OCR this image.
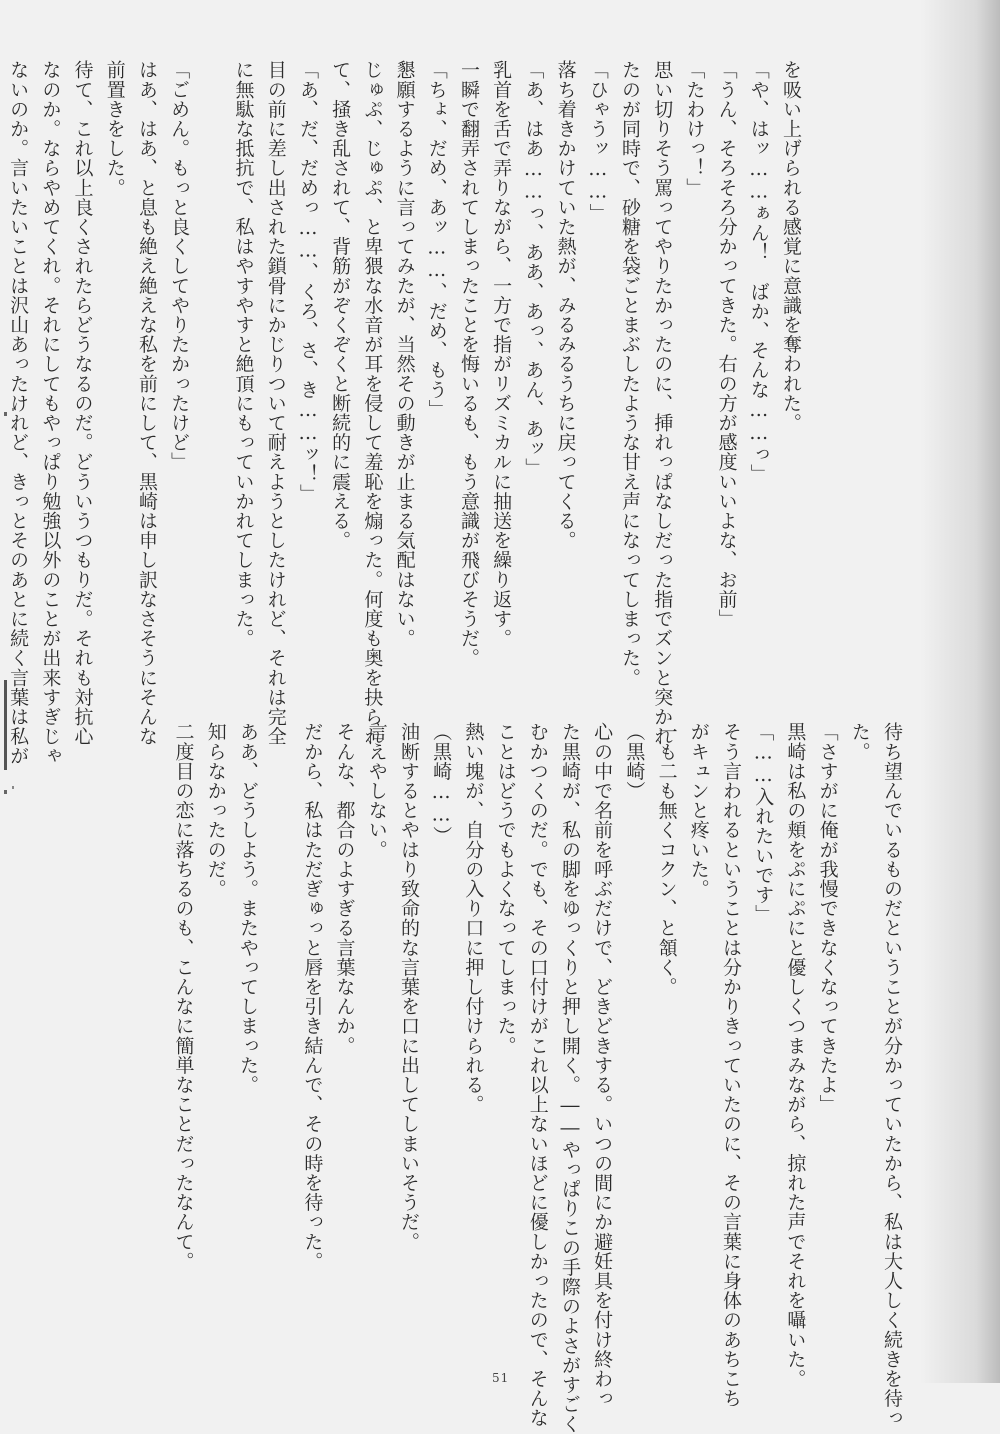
を吸い上げられる感覚に意識を奪われた。
「や、はッ……ぁん！　ばか、そんな……っ」
「うん、そろそろ分かってきた。右の方が感度いいよな、お前」
「たわけっ！」
思い切りそう罵ってやりたかったのに、挿れっぱなしだった指でズンと突かれ
たのが同時で、砂糖を袋ごとまぶしたような甘え声になってしまった。
「ひゃうッ……」
落ち着きかけていた熱が、みるみるうちに戻ってくる。
「あ、はあ……っ、ああ、あっ、あん、あッ」
乳首を舌で弄りながら、一方で指がリズミカルに抽送を繰り返す。
一瞬で翻弄されてしまったことを悔いるも、もう意識が飛びそうだ。
「ちょ、だめ、あッ……、だめ、もう」
懇願するように言ってみたが、当然その動きが止まる気配はない。
じゅぷ、じゅぷ、と卑猥な水音が耳を侵して羞恥を煽った。何度も奥を抉られ
て、掻き乱されて、背筋がぞくぞくと断続的に震える。
「あ、だ、だめっ……、くろ、さ、き……ッ！」
目の前に差し出された鎖骨にかじりついて耐えようとしたけれど、それは完全
に無駄な抵抗で、私はやすやすと絶頂にもっていかれてしまった。

「ごめん。もっと良くしてやりたかったけど」
はあ、はあ、と息も絶え絶えな私を前にして、黒崎は申し訳なさそうにそんな
前置きをした。
待て、これ以上良くされたらどうなるのだ。どういうつもりだ。それも対抗心
なのか。ならやめてくれ。それにしてもやっぱり勉強以外のことが出来すぎじゃ
ないのか。言いたいことは沢山あったけれど、きっとそのあとに続く言葉は私が
待ち望んでいるものだということが分かっていたから、私は大人しく続きを待っ
た。
「さすがに俺が我慢できなくなってきたよ」
黒崎は私の頬をぷにぷにと優しくつまみながら、掠れた声でそれを囁いた。
「……入れたいです」
そう言われるということは分かりきっていたのに、その言葉に身体のあちこち
がキュンと疼いた。
一も二も無くコクン、と頷く。
（黒崎）
心の中で名前を呼ぶだけで、どきどきする。いつの間にか避妊具を付け終わっ
た黒崎が、私の脚をゆっくりと押し開く。――やっぱりこの手際のよさがすごく
むかつくのだ。でも、その口付けがこれ以上ないほどに優しかったので、そんな
ことはどうでもよくなってしまった。
熱い塊が、自分の入り口に押し付けられる。
（黒崎……）
油断するとやはり致命的な言葉を口に出してしまいそうだ。
言えやしない。
そんな、都合のよすぎる言葉なんか。
だから、私はただぎゅっと唇を引き結んで、その時を待った。

ああ、どうしよう。またやってしまった。
知らなかったのだ。
二度目の恋に落ちるのも、こんなに簡単なことだったなんて。
51
